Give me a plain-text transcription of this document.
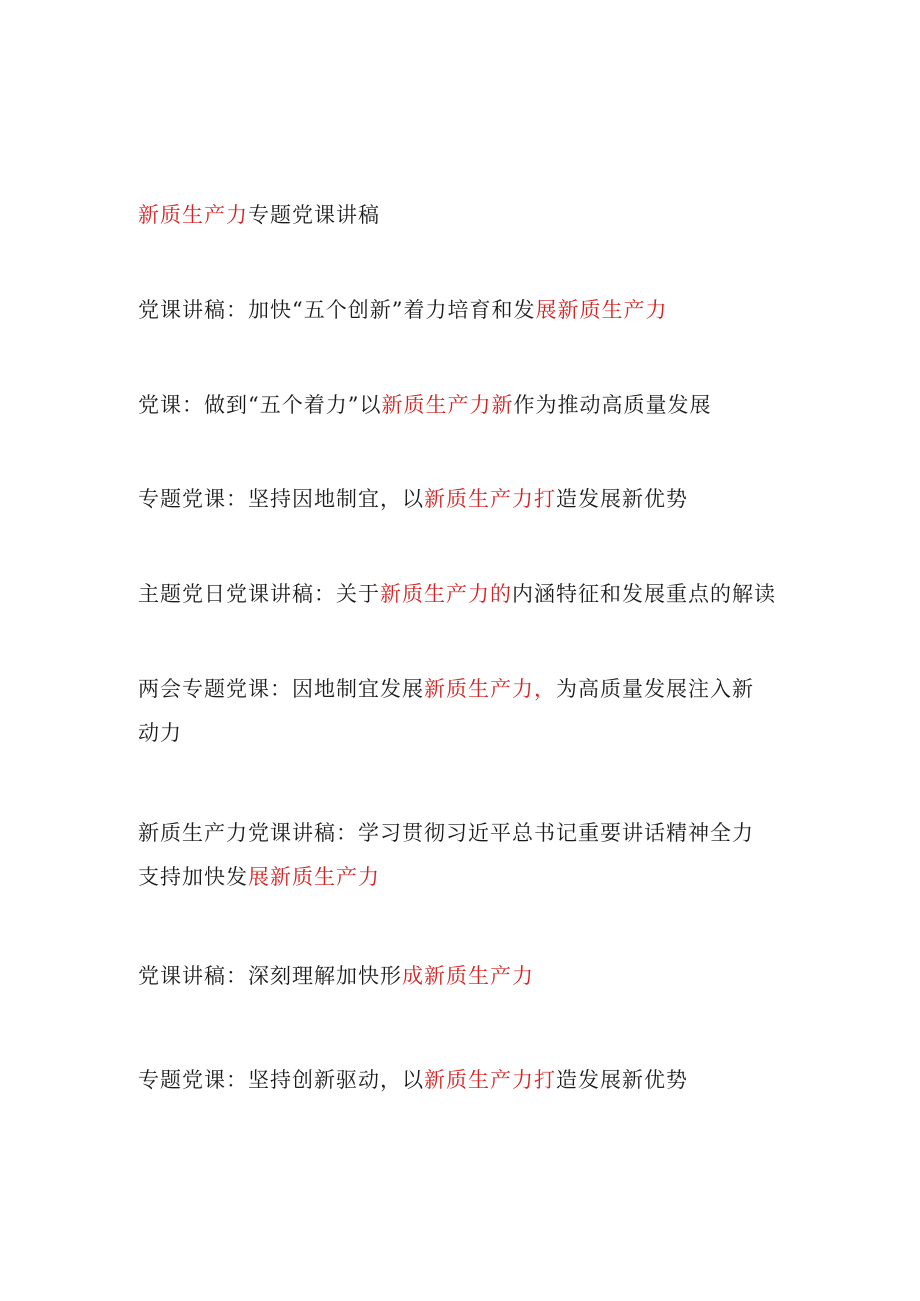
新质生产力专题党课讲稿
党课讲稿：加快“五个创新”着力培育和发展新质生产力
党课：做到“五个着力”以新质生产力新作为推动高质量发展
专题党课：坚持因地制宜，以新质生产力打造发展新优势
主题党日党课讲稿：关于新质生产力的内涵特征和发展重点的解读
两会专题党课：因地制宜发展新质生产力，为高质量发展注入新动力
新质生产力党课讲稿：学习贯彻习近平总书记重要讲话精神全力支持加快发展新质生产力
党课讲稿：深刻理解加快形成新质生产力
专题党课：坚持创新驱动，以新质生产力打造发展新优势
